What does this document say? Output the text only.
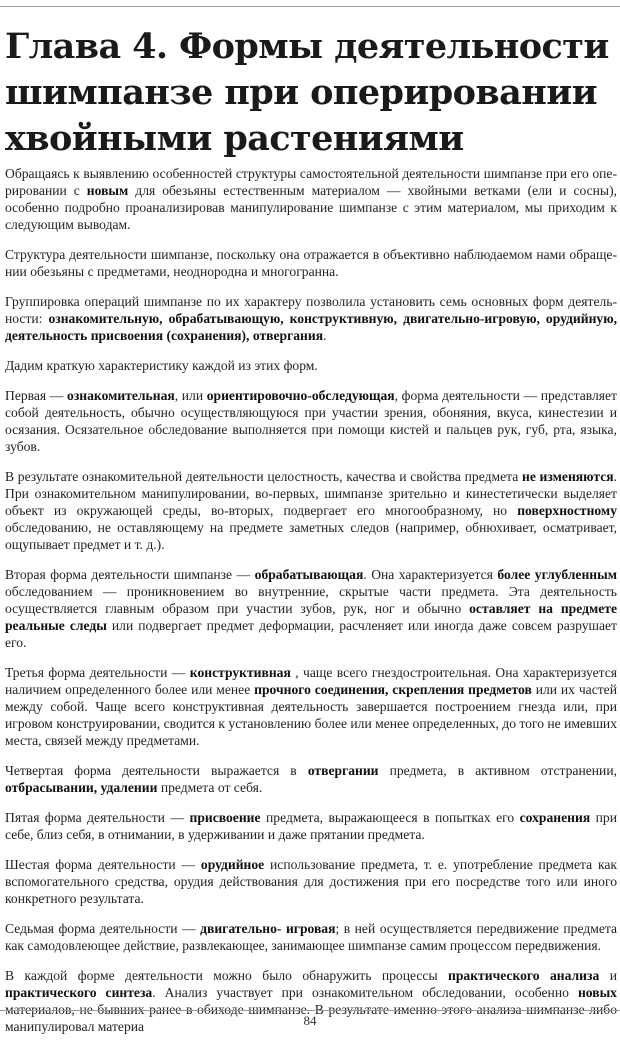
Глава 4. Формы деятельности шимпанзе при оперировании хвойными растениями

Обращаясь к выявлению особенностей структуры самостоятельной деятельности шимпанзе при его оперировании с новым для обезьяны естественным материалом — хвойными ветками (ели и сосны), особенно подробно проанализировав манипулирование шимпанзе с этим материалом, мы приходим к следующим выводам.

Структура деятельности шимпанзе, поскольку она отражается в объективно наблюдаемом нами обращении обезьяны с предметами, неоднородна и многогранна.

Группировка операций шимпанзе по их характеру позволила установить семь основных форм деятельности: ознакомительную, обрабатывающую, конструктивную, двигательно-игровую, орудийную, деятельность присвоения (сохранения), отвергания.

Дадим краткую характеристику каждой из этих форм.

Первая — ознакомительная, или ориентировочно-обследующая, форма деятельности — представляет собой деятельность, обычно осуществляющуюся при участии зрения, обоняния, вкуса, кинестезии и осязания. Осязательное обследование выполняется при помощи кистей и пальцев рук, губ, рта, языка, зубов.

В результате ознакомительной деятельности целостность, качества и свойства предмета не изменяются. При ознакомительном манипулировании, во-первых, шимпанзе зрительно и кинестетически выделяет объект из окружающей среды, во-вторых, подвергает его многообразному, но поверхностному обследованию, не оставляющему на предмете заметных следов (например, обнюхивает, осматривает, ощупывает предмет и т. д.).

Вторая форма деятельности шимпанзе — обрабатывающая. Она характеризуется более углубленным обследованием — проникновением во внутренние, скрытые части предмета. Эта деятельность осуществляется главным образом при участии зубов, рук, ног и обычно оставляет на предмете реальные следы или подвергает предмет деформации, расчленяет или иногда даже совсем разрушает его.

Третья форма деятельности — конструктивная , чаще всего гнездостроительная. Она характеризуется наличием определенного более или менее прочного соединения, скрепления предметов или их частей между собой. Чаще всего конструктивная деятельность завершается построением гнезда или, при игровом конструировании, сводится к установлению более или менее определенных, до того не имевших места, связей между предметами.

Четвертая форма деятельности выражается в отвергании предмета, в активном отстранении, отбрасывании, удалении предмета от себя.

Пятая форма деятельности — присвоение предмета, выражающееся в попытках его сохранения при себе, близ себя, в отнимании, в удерживании и даже прятании предмета.

Шестая форма деятельности — орудийное использование предмета, т. е. употребление предмета как вспомогательного средства, орудия действования для достижения при его посредстве того или иного конкретного результата.

Седьмая форма деятельности — двигательно- игровая; в ней осуществляется передвижение предмета как самодовлеющее действие, развлекающее, занимающее шимпанзе самим процессом передвижения.

В каждой форме деятельности можно было обнаружить процессы практического анализа и практического синтеза. Анализ участвует при ознакомительном обследовании, особенно новых материалов, не бывших ранее в обиходе шимпанзе. В результате именно этого анализа шимпанзе либо манипулировал материа	84
